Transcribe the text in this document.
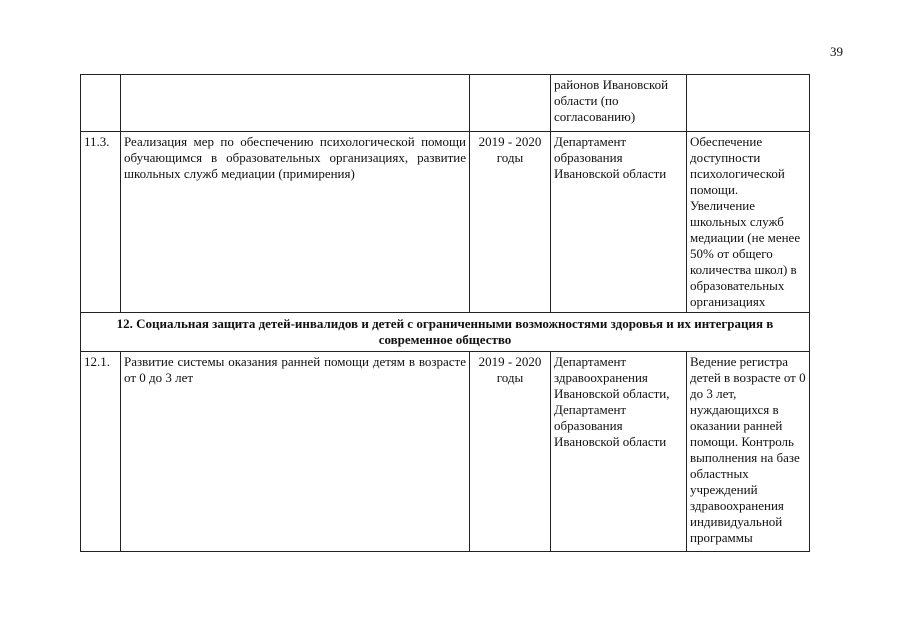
39
			районов Ивановской области (по согласованию)	
11.3.	Реализация мер по обеспечению психологической помощи обучающимся в образовательных организациях, развитие школьных служб медиации (примирения)	2019 - 2020 годы	Департамент образования Ивановской области	Обеспечение доступности психологической помощи. Увеличение школьных служб медиации (не менее 50% от общего количества школ) в образовательных организациях
12. Социальная защита детей-инвалидов и детей с ограниченными возможностями здоровья и их интеграция в современное общество				
12.1.	Развитие системы оказания ранней помощи детям в возрасте от 0 до 3 лет	2019 - 2020 годы	Департамент здравоохранения Ивановской области, Департамент образования Ивановской области	Ведение регистра детей в возрасте от 0 до 3 лет, нуждающихся в оказании ранней помощи. Контроль выполнения на базе областных учреждений здравоохранения индивидуальной программы
